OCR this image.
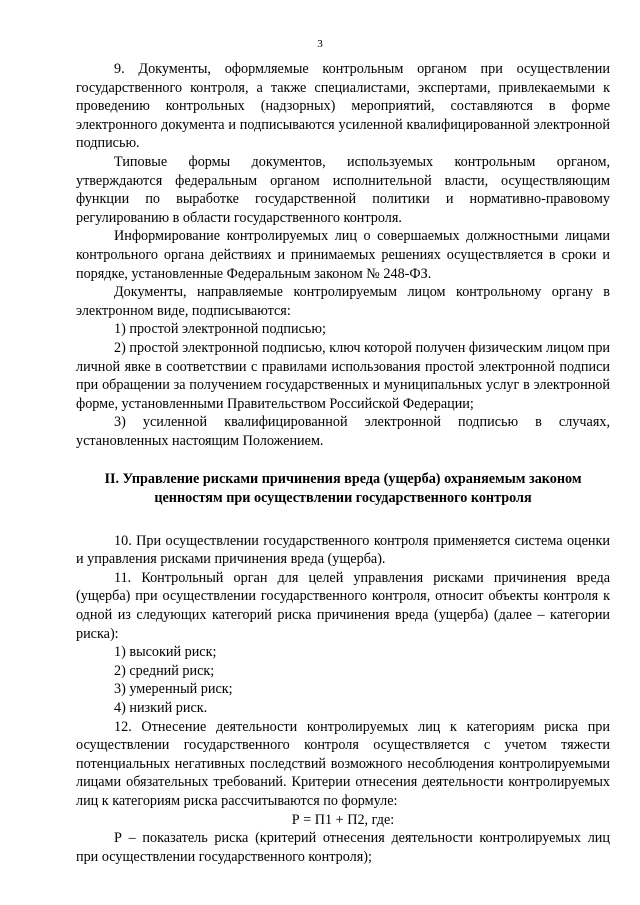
3

9. Документы, оформляемые контрольным органом при осуществлении государственного контроля, а также специалистами, экспертами, привлекаемыми к проведению контрольных (надзорных) мероприятий, составляются в форме электронного документа и подписываются усиленной квалифицированной электронной подписью.

Типовые формы документов, используемых контрольным органом, утверждаются федеральным органом исполнительной власти, осуществляющим функции по выработке государственной политики и нормативно-правовому регулированию в области государственного контроля.

Информирование контролируемых лиц о совершаемых должностными лицами контрольного органа действиях и принимаемых решениях осуществляется в сроки и порядке, установленные Федеральным законом № 248-ФЗ.

Документы, направляемые контролируемым лицом контрольному органу в электронном виде, подписываются:

1) простой электронной подписью;

2) простой электронной подписью, ключ которой получен физическим лицом при личной явке в соответствии с правилами использования простой электронной подписи при обращении за получением государственных и муниципальных услуг в электронной форме, установленными Правительством Российской Федерации;

3) усиленной квалифицированной электронной подписью в случаях, установленных настоящим Положением.

II. Управление рисками причинения вреда (ущерба) охраняемым законом
ценностям при осуществлении государственного контроля

10. При осуществлении государственного контроля применяется система оценки и управления рисками причинения вреда (ущерба).

11. Контрольный орган для целей управления рисками причинения вреда (ущерба) при осуществлении государственного контроля, относит объекты контроля к одной из следующих категорий риска причинения вреда (ущерба) (далее – категории риска):

1) высокий риск;

2) средний риск;

3) умеренный риск;

4) низкий риск.

12. Отнесение деятельности контролируемых лиц к категориям риска при осуществлении государственного контроля осуществляется с учетом тяжести потенциальных негативных последствий возможного несоблюдения контролируемыми лицами обязательных требований. Критерии отнесения деятельности контролируемых лиц к категориям риска рассчитываются по формуле:

Р = П1 + П2, где:

Р – показатель риска (критерий отнесения деятельности контролируемых лиц при осуществлении государственного контроля);
